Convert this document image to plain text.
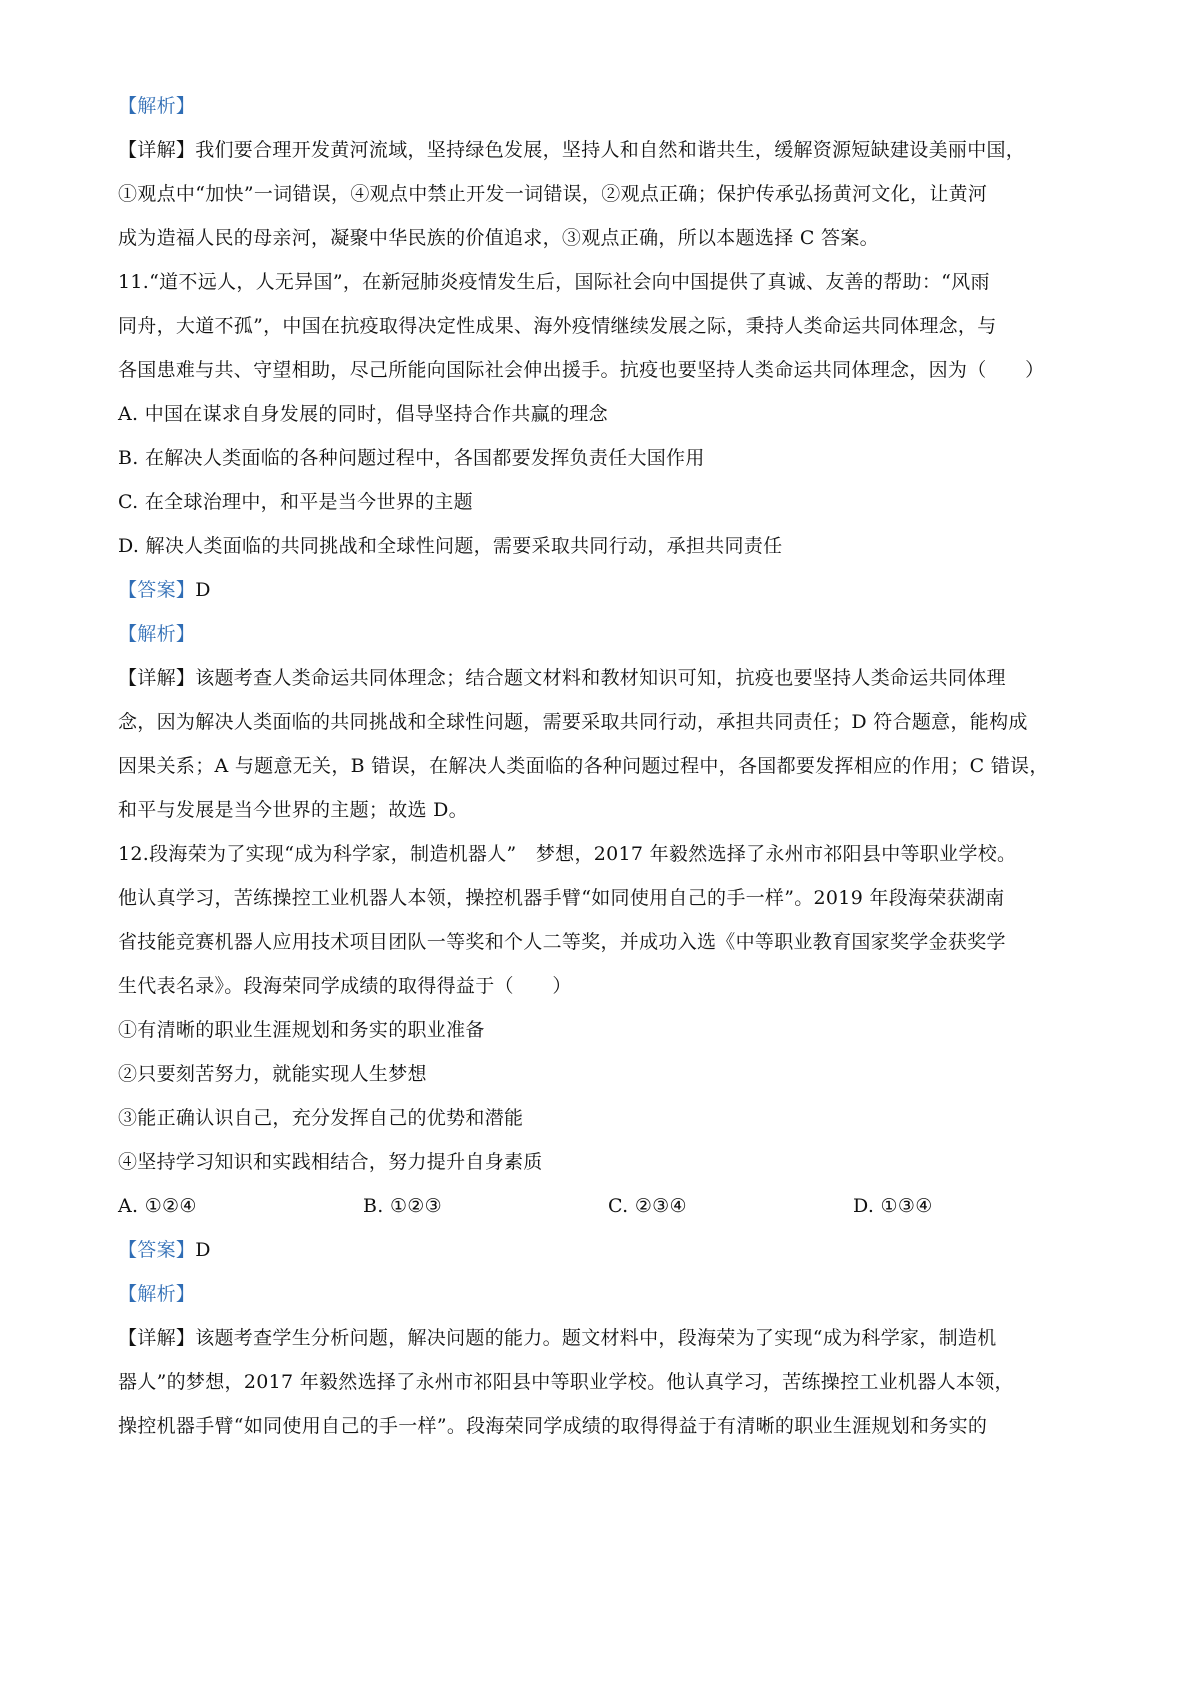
【解析】
【详解】我们要合理开发黄河流域，坚持绿色发展，坚持人和自然和谐共生，缓解资源短缺建设美丽中国，
①观点中“加快”一词错误，④观点中禁止开发一词错误，②观点正确；保护传承弘扬黄河文化，让黄河
成为造福人民的母亲河，凝聚中华民族的价值追求，③观点正确，所以本题选择 C 答案。
11.“道不远人，人无异国”，在新冠肺炎疫情发生后，国际社会向中国提供了真诚、友善的帮助：“风雨
同舟，大道不孤”，中国在抗疫取得决定性成果、海外疫情继续发展之际，秉持人类命运共同体理念，与
各国患难与共、守望相助，尽己所能向国际社会伸出援手。抗疫也要坚持人类命运共同体理念，因为（　　）
A. 中国在谋求自身发展的同时，倡导坚持合作共赢的理念
B. 在解决人类面临的各种问题过程中，各国都要发挥负责任大国作用
C. 在全球治理中，和平是当今世界的主题
D. 解决人类面临的共同挑战和全球性问题，需要采取共同行动，承担共同责任
【答案】D
【解析】
【详解】该题考查人类命运共同体理念；结合题文材料和教材知识可知，抗疫也要坚持人类命运共同体理
念，因为解决人类面临的共同挑战和全球性问题，需要采取共同行动，承担共同责任；D 符合题意，能构成
因果关系；A 与题意无关，B 错误，在解决人类面临的各种问题过程中，各国都要发挥相应的作用；C 错误，
和平与发展是当今世界的主题；故选 D。
12.段海荣为了实现“成为科学家，制造机器人”　梦想，2017 年毅然选择了永州市祁阳县中等职业学校。
他认真学习，苦练操控工业机器人本领，操控机器手臂“如同使用自己的手一样”。2019 年段海荣获湖南
省技能竞赛机器人应用技术项目团队一等奖和个人二等奖，并成功入选《中等职业教育国家奖学金获奖学
生代表名录》。段海荣同学成绩的取得得益于（　　）
①有清晰的职业生涯规划和务实的职业准备
②只要刻苦努力，就能实现人生梦想
③能正确认识自己，充分发挥自己的优势和潜能
④坚持学习知识和实践相结合，努力提升自身素质
A. ①②④	B. ①②③	C. ②③④	D. ①③④
【答案】D
【解析】
【详解】该题考查学生分析问题，解决问题的能力。题文材料中，段海荣为了实现“成为科学家，制造机
器人”的梦想，2017 年毅然选择了永州市祁阳县中等职业学校。他认真学习，苦练操控工业机器人本领，
操控机器手臂“如同使用自己的手一样”。段海荣同学成绩的取得得益于有清晰的职业生涯规划和务实的
